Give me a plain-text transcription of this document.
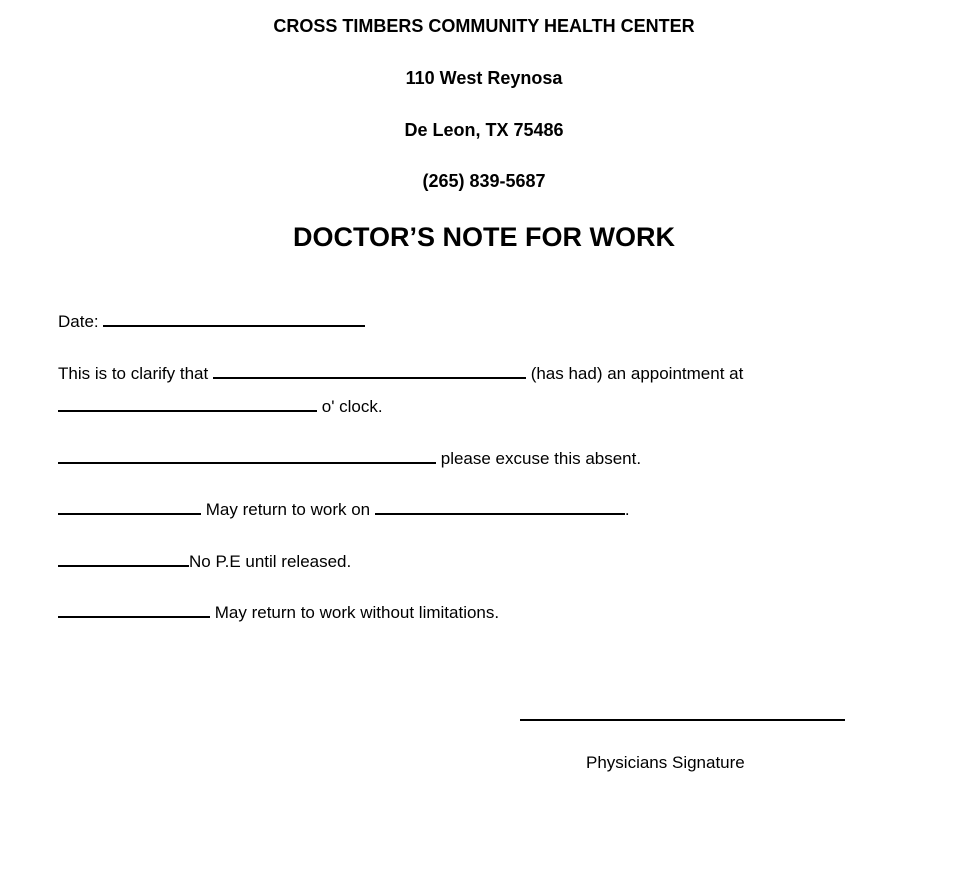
CROSS TIMBERS COMMUNITY HEALTH CENTER
110 West Reynosa
De Leon, TX 75486
(265) 839-5687
DOCTOR’S NOTE FOR WORK
Date:
This is to clarify that	(has had) an appointment at
o' clock.
please excuse this absent.
May return to work on	.
No P.E until released.
May return to work without limitations.
Physicians Signature
